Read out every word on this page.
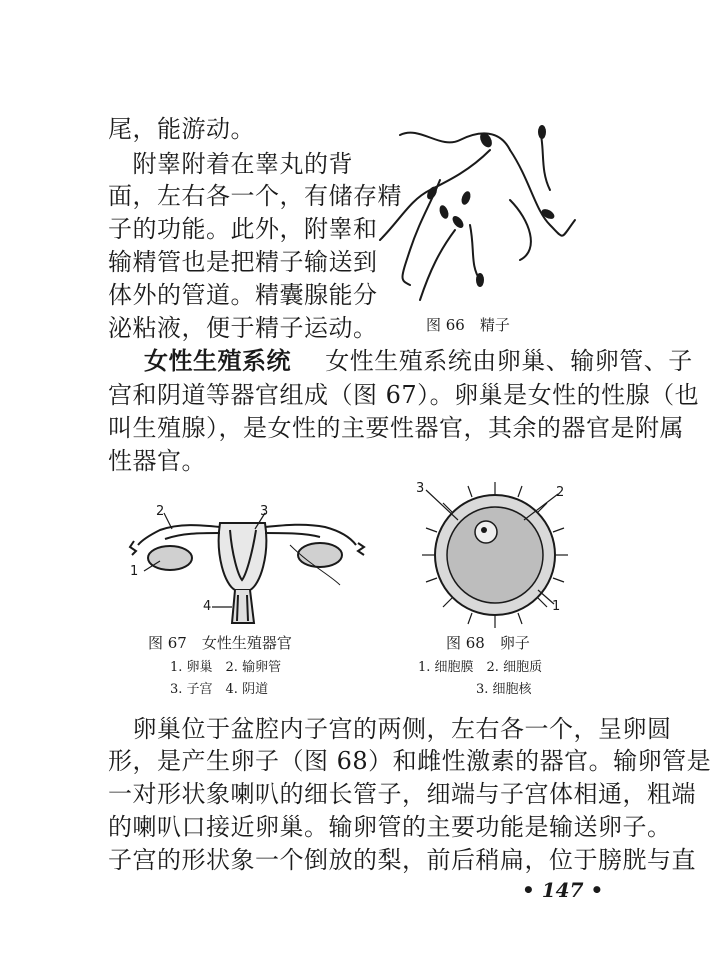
尾，能游动。
　附睾附着在睾丸的背
面，左右各一个，有储存精
子的功能。此外，附睾和
输精管也是把精子输送到
体外的管道。精囊腺能分
泌粘液，便于精子运动。	图 66　精子
女性生殖系统 女性生殖系统由卵巢、输卵管、子
宫和阴道等器官组成（图 67）。卵巢是女性的性腺（也
叫生殖腺），是女性的主要性器官，其余的器官是附属
性器官。
2	3
1
4
图 67　女性生殖器官
1. 卵巢　2. 输卵管
3. 子宫　4. 阴道
3	2
1
图 68　卵子
1. 细胞膜　2. 细胞质
3. 细胞核
　卵巢位于盆腔内子宫的两侧，左右各一个，呈卵圆
形，是产生卵子（图 68）和雌性激素的器官。输卵管是
一对形状象喇叭的细长管子，细端与子宫体相通，粗端
的喇叭口接近卵巢。输卵管的主要功能是输送卵子。
子宫的形状象一个倒放的梨，前后稍扁，位于膀胱与直
• 147 •
